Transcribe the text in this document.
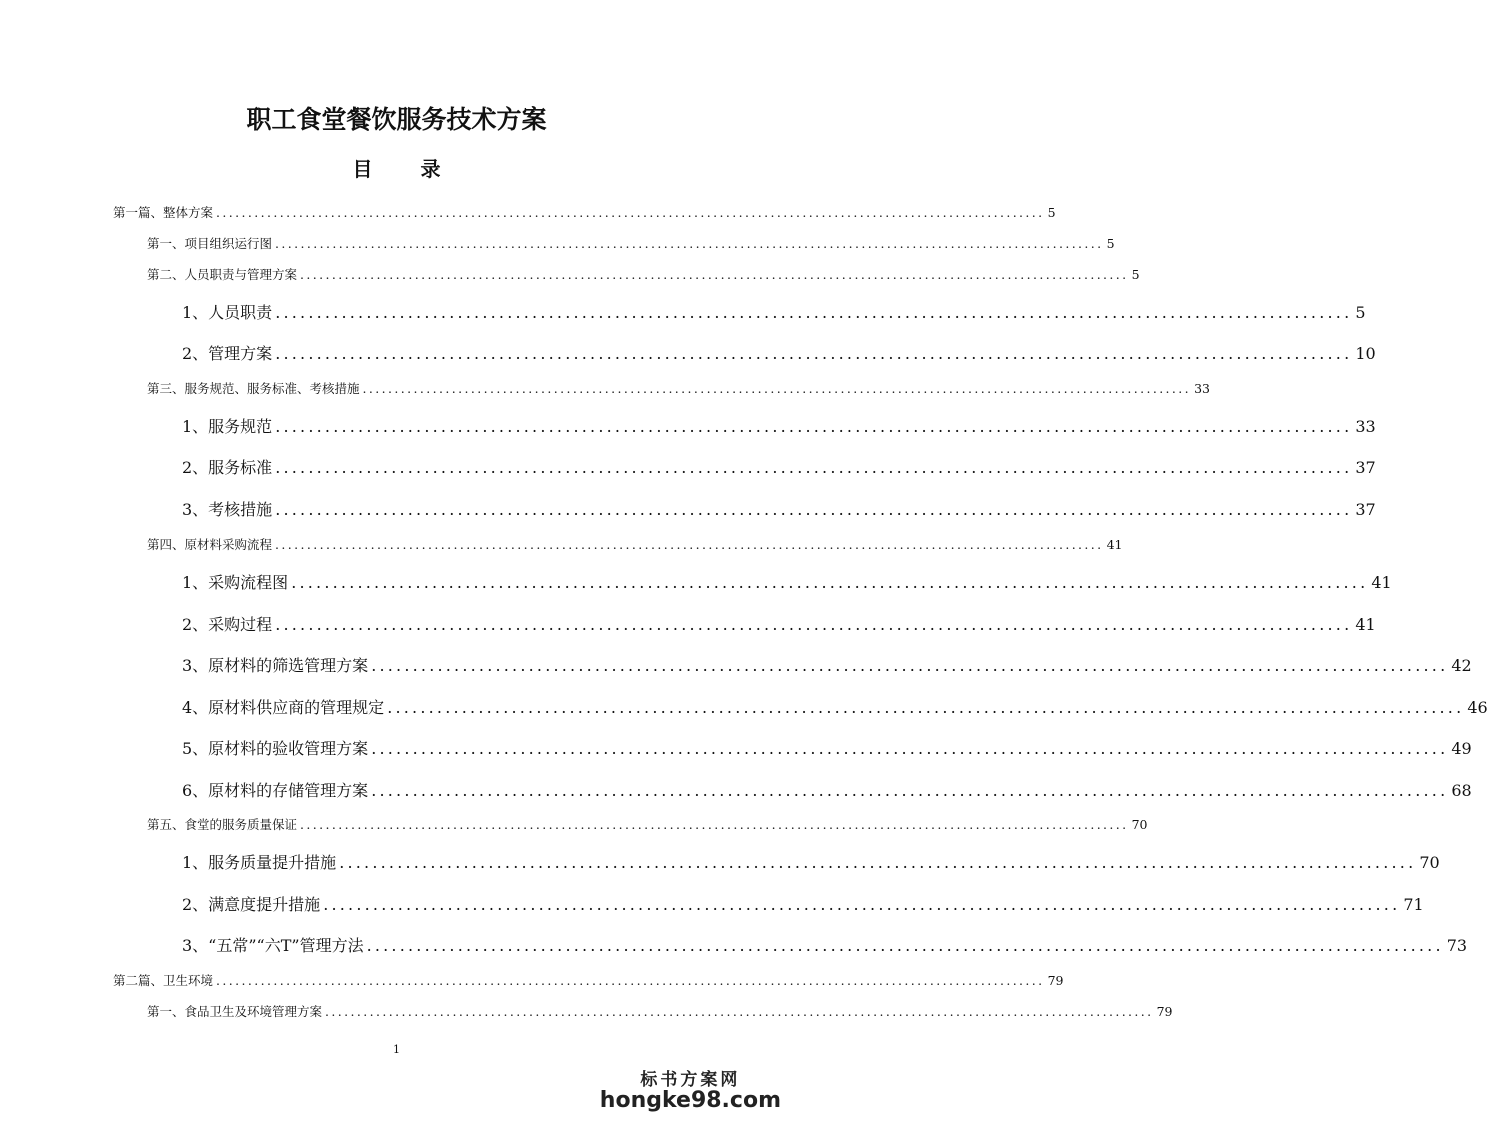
职工食堂餐饮服务技术方案
目　录
第一篇、整体方案 .................................................................................................................................. 5
第一、项目组织运行图 .................................................................................................................................. 5
第二、人员职责与管理方案 .................................................................................................................................. 5
1、人员职责 .................................................................................................................................. 5
2、管理方案 .................................................................................................................................. 10
第三、服务规范、服务标准、考核措施 .................................................................................................................................. 33
1、服务规范 .................................................................................................................................. 33
2、服务标准 .................................................................................................................................. 37
3、考核措施 .................................................................................................................................. 37
第四、原材料采购流程 .................................................................................................................................. 41
1、采购流程图 .................................................................................................................................. 41
2、采购过程 .................................................................................................................................. 41
3、原材料的筛选管理方案 .................................................................................................................................. 42
4、原材料供应商的管理规定 .................................................................................................................................. 46
5、原材料的验收管理方案 .................................................................................................................................. 49
6、原材料的存储管理方案 .................................................................................................................................. 68
第五、食堂的服务质量保证 .................................................................................................................................. 70
1、服务质量提升措施 .................................................................................................................................. 70
2、满意度提升措施 .................................................................................................................................. 71
3、“五常”“六T”管理方法 .................................................................................................................................. 73
第二篇、卫生环境 .................................................................................................................................. 79
第一、食品卫生及环境管理方案 .................................................................................................................................. 79
1
标书方案网
hongke98.com
